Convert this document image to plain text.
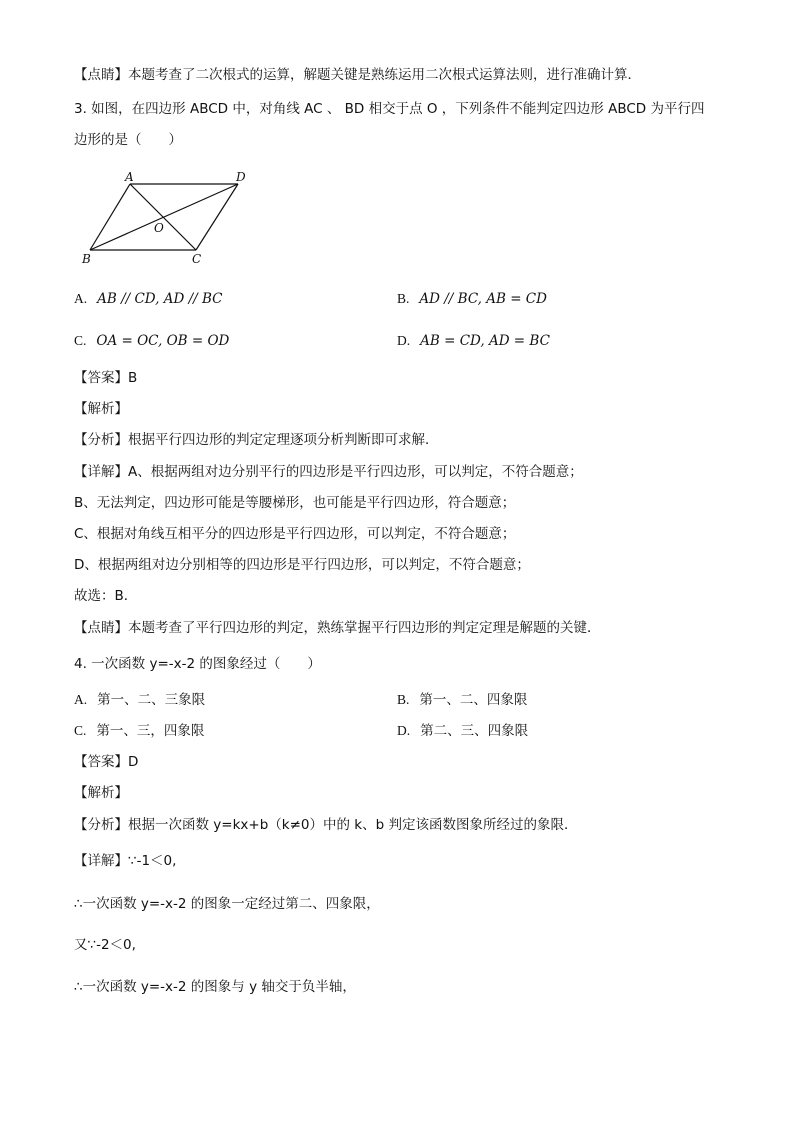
【点睛】本题考查了二次根式的运算，解题关键是熟练运用二次根式运算法则，进行准确计算．
3. 如图，在四边形 ABCD 中，对角线 AC 、 BD 相交于点 O ，下列条件不能判定四边形 ABCD 为平行四
边形的是（　　）
A	D
O
B	C
A. AB // CD, AD // BC	B. AD // BC, AB = CD
C. OA = OC, OB = OD	D. AB = CD, AD = BC
【答案】B
【解析】
【分析】根据平行四边形的判定定理逐项分析判断即可求解．
【详解】A、根据两组对边分别平行的四边形是平行四边形，可以判定，不符合题意；
B、无法判定，四边形可能是等腰梯形，也可能是平行四边形，符合题意；
C、根据对角线互相平分的四边形是平行四边形，可以判定，不符合题意；
D、根据两组对边分别相等的四边形是平行四边形，可以判定，不符合题意；
故选：B．
【点睛】本题考查了平行四边形的判定，熟练掌握平行四边形的判定定理是解题的关键．
4. 一次函数 y=-x-2 的图象经过（　　）
A. 第一、二、三象限	B. 第一、二、四象限
C. 第一、三，四象限	D. 第二、三、四象限
【答案】D
【解析】
【分析】根据一次函数 y=kx+b（k≠0）中的 k、b 判定该函数图象所经过的象限．
【详解】∵-1＜0,
∴一次函数 y=-x-2 的图象一定经过第二、四象限，
又∵-2＜0,
∴一次函数 y=-x-2 的图象与 y 轴交于负半轴，
